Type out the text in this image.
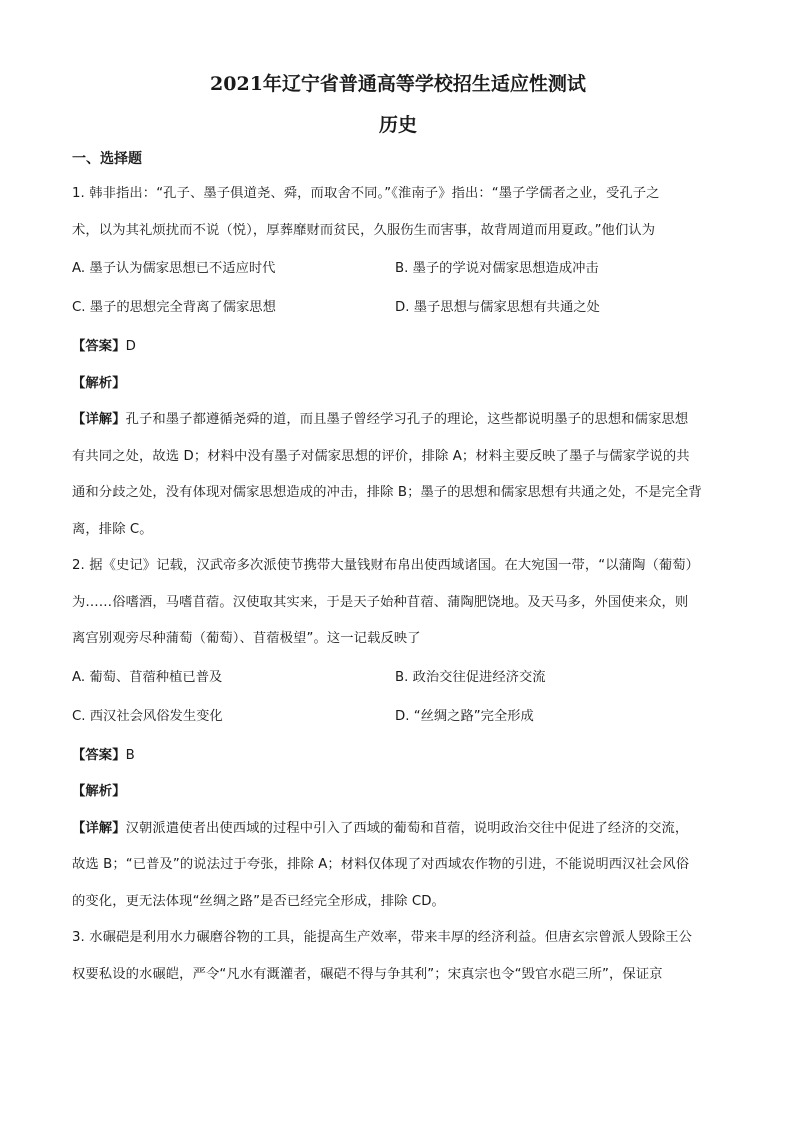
2021年辽宁省普通高等学校招生适应性测试
历史
一、选择题

1. 韩非指出：“孔子、墨子俱道尧、舜，而取舍不同。”《淮南子》指出：“墨子学儒者之业，受孔子之

术，以为其礼烦扰而不说（悦），厚葬靡财而贫民，久服伤生而害事，故背周道而用夏政。”他们认为

A. 墨子认为儒家思想已不适应时代	B. 墨子的学说对儒家思想造成冲击
C. 墨子的思想完全背离了儒家思想	D. 墨子思想与儒家思想有共通之处

【答案】D

【解析】

【详解】孔子和墨子都遵循尧舜的道，而且墨子曾经学习孔子的理论，这些都说明墨子的思想和儒家思想

有共同之处，故选 D；材料中没有墨子对儒家思想的评价，排除 A；材料主要反映了墨子与儒家学说的共

通和分歧之处，没有体现对儒家思想造成的冲击，排除 B；墨子的思想和儒家思想有共通之处，不是完全背

离，排除 C。

2. 据《史记》记载，汉武帝多次派使节携带大量钱财布帛出使西域诸国。在大宛国一带，“以蒲陶（葡萄）

为……俗嗜酒，马嗜苜蓿。汉使取其实来，于是天子始种苜蓿、蒲陶肥饶地。及天马多，外国使来众，则

离宫别观旁尽种蒲萄（葡萄）、苜蓿极望”。这一记载反映了

A. 葡萄、苜蓿种植已普及	B. 政治交往促进经济交流
C. 西汉社会风俗发生变化	D. “丝绸之路”完全形成

【答案】B

【解析】

【详解】汉朝派遣使者出使西域的过程中引入了西域的葡萄和苜蓿，说明政治交往中促进了经济的交流，

故选 B；“已普及”的说法过于夸张，排除 A；材料仅体现了对西域农作物的引进，不能说明西汉社会风俗

的变化，更无法体现“丝绸之路”是否已经完全形成，排除 CD。

3. 水碾硙是利用水力碾磨谷物的工具，能提高生产效率，带来丰厚的经济利益。但唐玄宗曾派人毁除王公

权要私设的水碾皑，严令“凡水有溉灌者，碾硙不得与争其利”；宋真宗也令“毁官水硙三所”，保证京
